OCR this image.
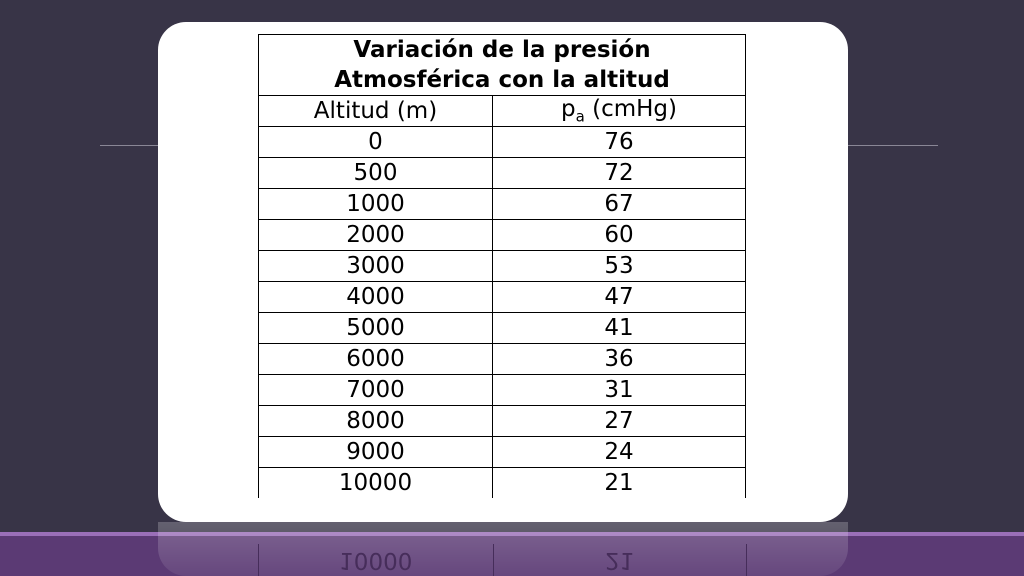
Variación de la presión
Atmosférica con la altitud	
Altitud (m)	$p_a$ (cmHg)
0	76
500	72
1000	67
2000	60
3000	53
4000	47
5000	41
6000	36
7000	31
8000	27
9000	24
10000	21
10000	21
